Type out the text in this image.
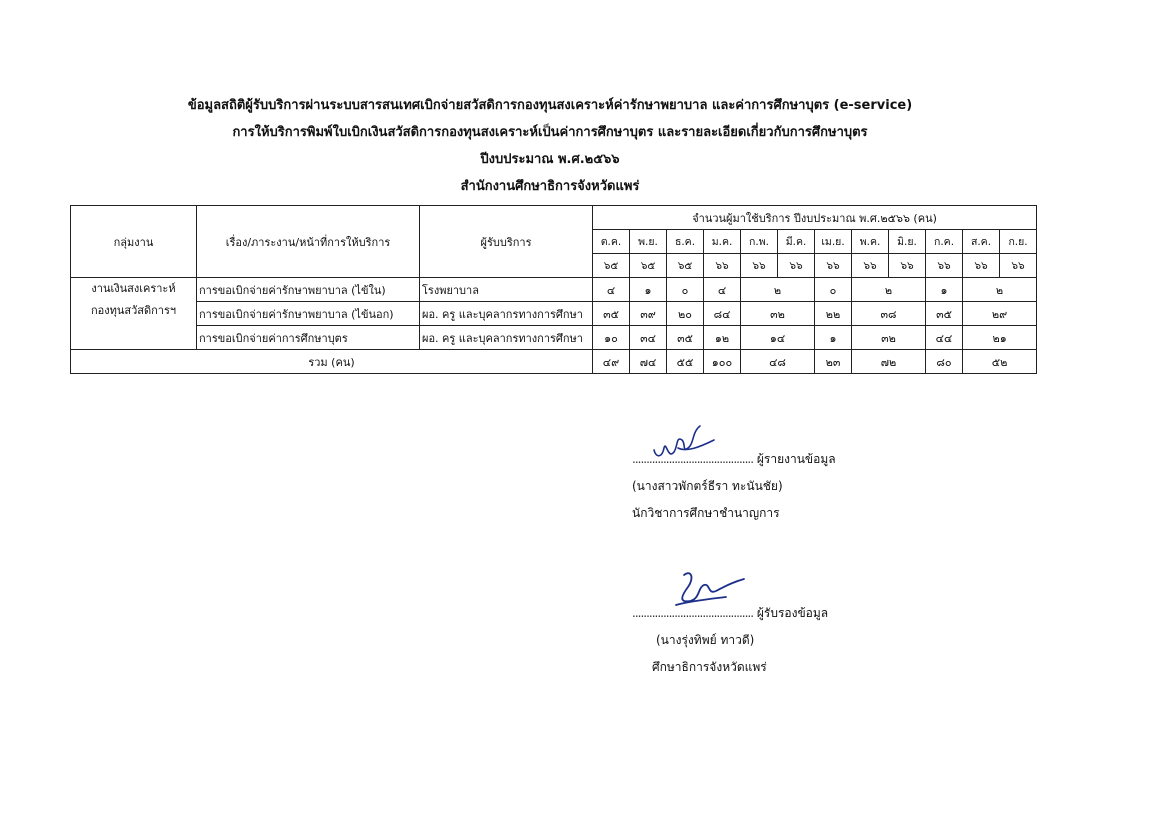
ข้อมูลสถิติผู้รับบริการผ่านระบบสารสนเทศเบิกจ่ายสวัสดิการกองทุนสงเคราะห์ค่ารักษาพยาบาล และค่าการศึกษาบุตร (e-service)
การให้บริการพิมพ์ใบเบิกเงินสวัสดิการกองทุนสงเคราะห์เป็นค่าการศึกษาบุตร และรายละเอียดเกี่ยวกับการศึกษาบุตร
ปีงบประมาณ พ.ศ.๒๕๖๖
สำนักงานศึกษาธิการจังหวัดแพร่
กลุ่มงาน	เรื่อง/ภาระงาน/หน้าที่การให้บริการ	ผู้รับบริการ	จำนวนผู้มาใช้บริการ ปีงบประมาณ พ.ศ.๒๕๖๖ (คน)											
			ต.ค.	พ.ย.	ธ.ค.	ม.ค.	ก.พ.	มี.ค.	เม.ย.	พ.ค.	มิ.ย.	ก.ค.	ส.ค.	ก.ย.
			๖๕	๖๕	๖๕	๖๖	๖๖	๖๖	๖๖	๖๖	๖๖	๖๖	๖๖	๖๖

งานเงินสงเคราะห์
กองทุนสวัสดิการฯ	การขอเบิกจ่ายค่ารักษาพยาบาล (ไข้ใน)	โรงพยาบาล	๔	๑	๐	๔	๒		๐	๒		๑	๒	
	การขอเบิกจ่ายค่ารักษาพยาบาล (ไข้นอก)	ผอ. ครู และบุคลากรทางการศึกษา	๓๕	๓๙	๒๐	๘๔	๓๒		๒๒	๓๘		๓๕	๒๙	
	การขอเบิกจ่ายค่าการศึกษาบุตร	ผอ. ครู และบุคลากรทางการศึกษา	๑๐	๓๔	๓๕	๑๒	๑๔		๑	๓๒		๔๔	๒๑	
รวม (คน)			๔๙	๗๔	๕๕	๑๐๐	๔๘		๒๓	๗๒		๘๐	๕๒	
........................................... ผู้รายงานข้อมูล
(นางสาวพักตร์ธีรา ทะนันชัย)
นักวิชาการศึกษาชำนาญการ
........................................... ผู้รับรองข้อมูล
(นางรุ่งทิพย์ ทาวดี)
ศึกษาธิการจังหวัดแพร่
